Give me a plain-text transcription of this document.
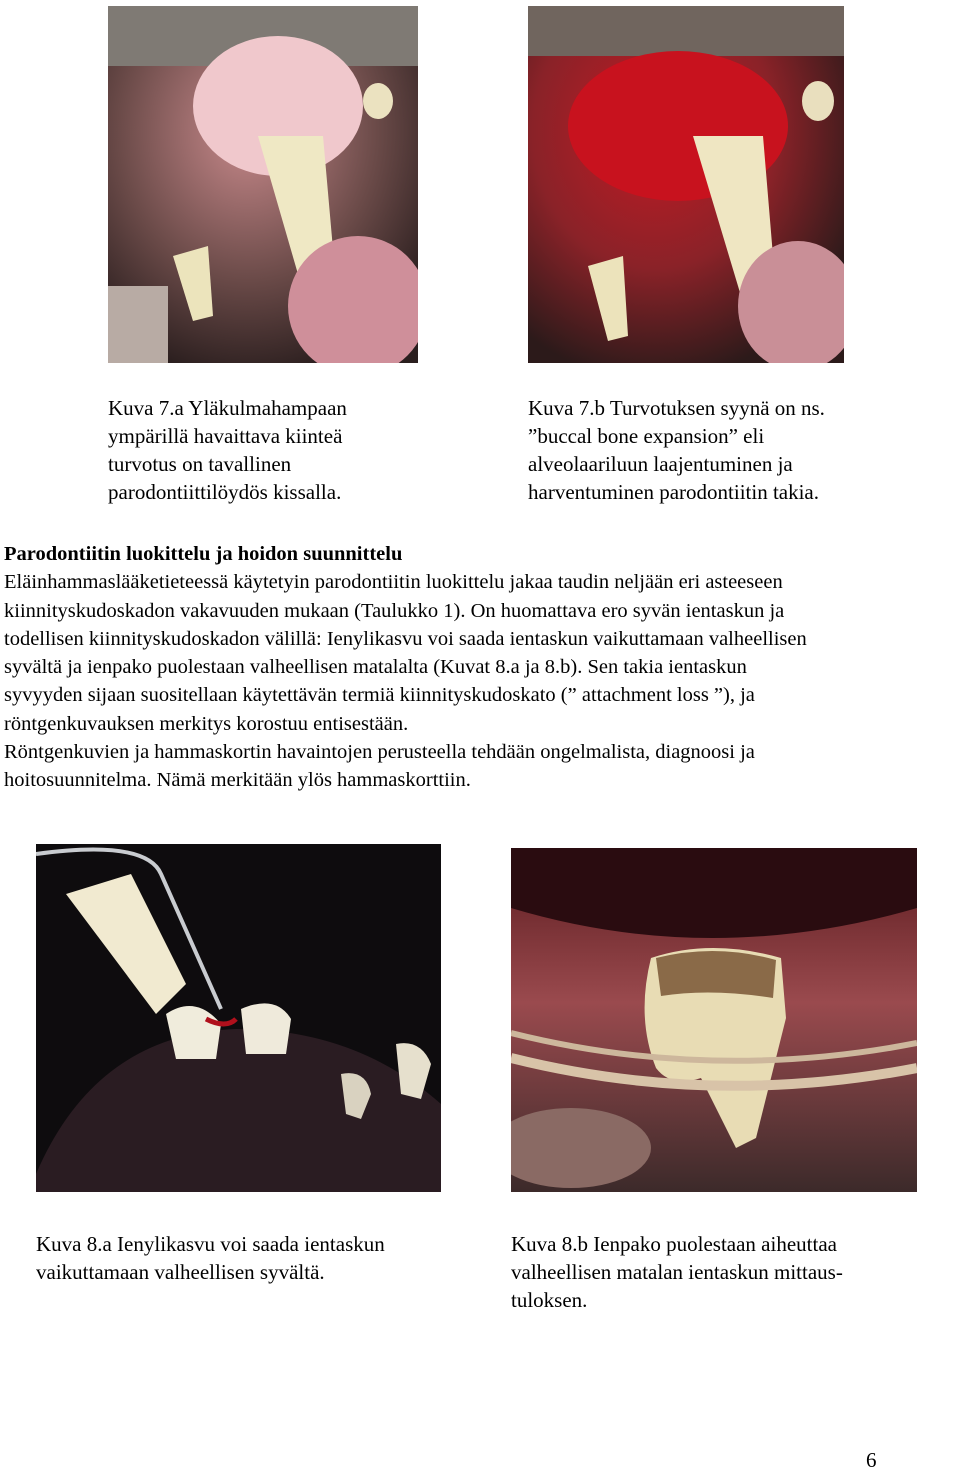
Kuva 7.a Yläkulmahampaan
ympärillä havaittava kiinteä
turvotus on tavallinen
parodontiittilöydös kissalla.

Kuva 7.b Turvotuksen syynä on ns.
”buccal bone expansion” eli
alveolaariluun laajentuminen ja
harventuminen parodontiitin takia.

Parodontiitin luokittelu ja hoidon suunnittelu
Eläinhammaslääketieteessä käytetyin parodontiitin luokittelu jakaa taudin neljään eri asteeseen
kiinnityskudoskadon vakavuuden mukaan (Taulukko 1). On huomattava ero syvän ientaskun ja
todellisen kiinnityskudoskadon välillä: Ienylikasvu voi saada ientaskun vaikuttamaan valheellisen
syvältä ja ienpako puolestaan valheellisen matalalta (Kuvat 8.a ja 8.b). Sen takia ientaskun
syvyyden sijaan suositellaan käytettävän termiä kiinnityskudoskato (” attachment loss ”), ja
röntgenkuvauksen merkitys korostuu entisestään.
Röntgenkuvien ja hammaskortin havaintojen perusteella tehdään ongelmalista, diagnoosi ja
hoitosuunnitelma. Nämä merkitään ylös hammaskorttiin.

Kuva 8.a Ienylikasvu voi saada ientaskun
vaikuttamaan valheellisen syvältä.

Kuva 8.b Ienpako puolestaan aiheuttaa
valheellisen matalan ientaskun mittaus-
tuloksen.

6
